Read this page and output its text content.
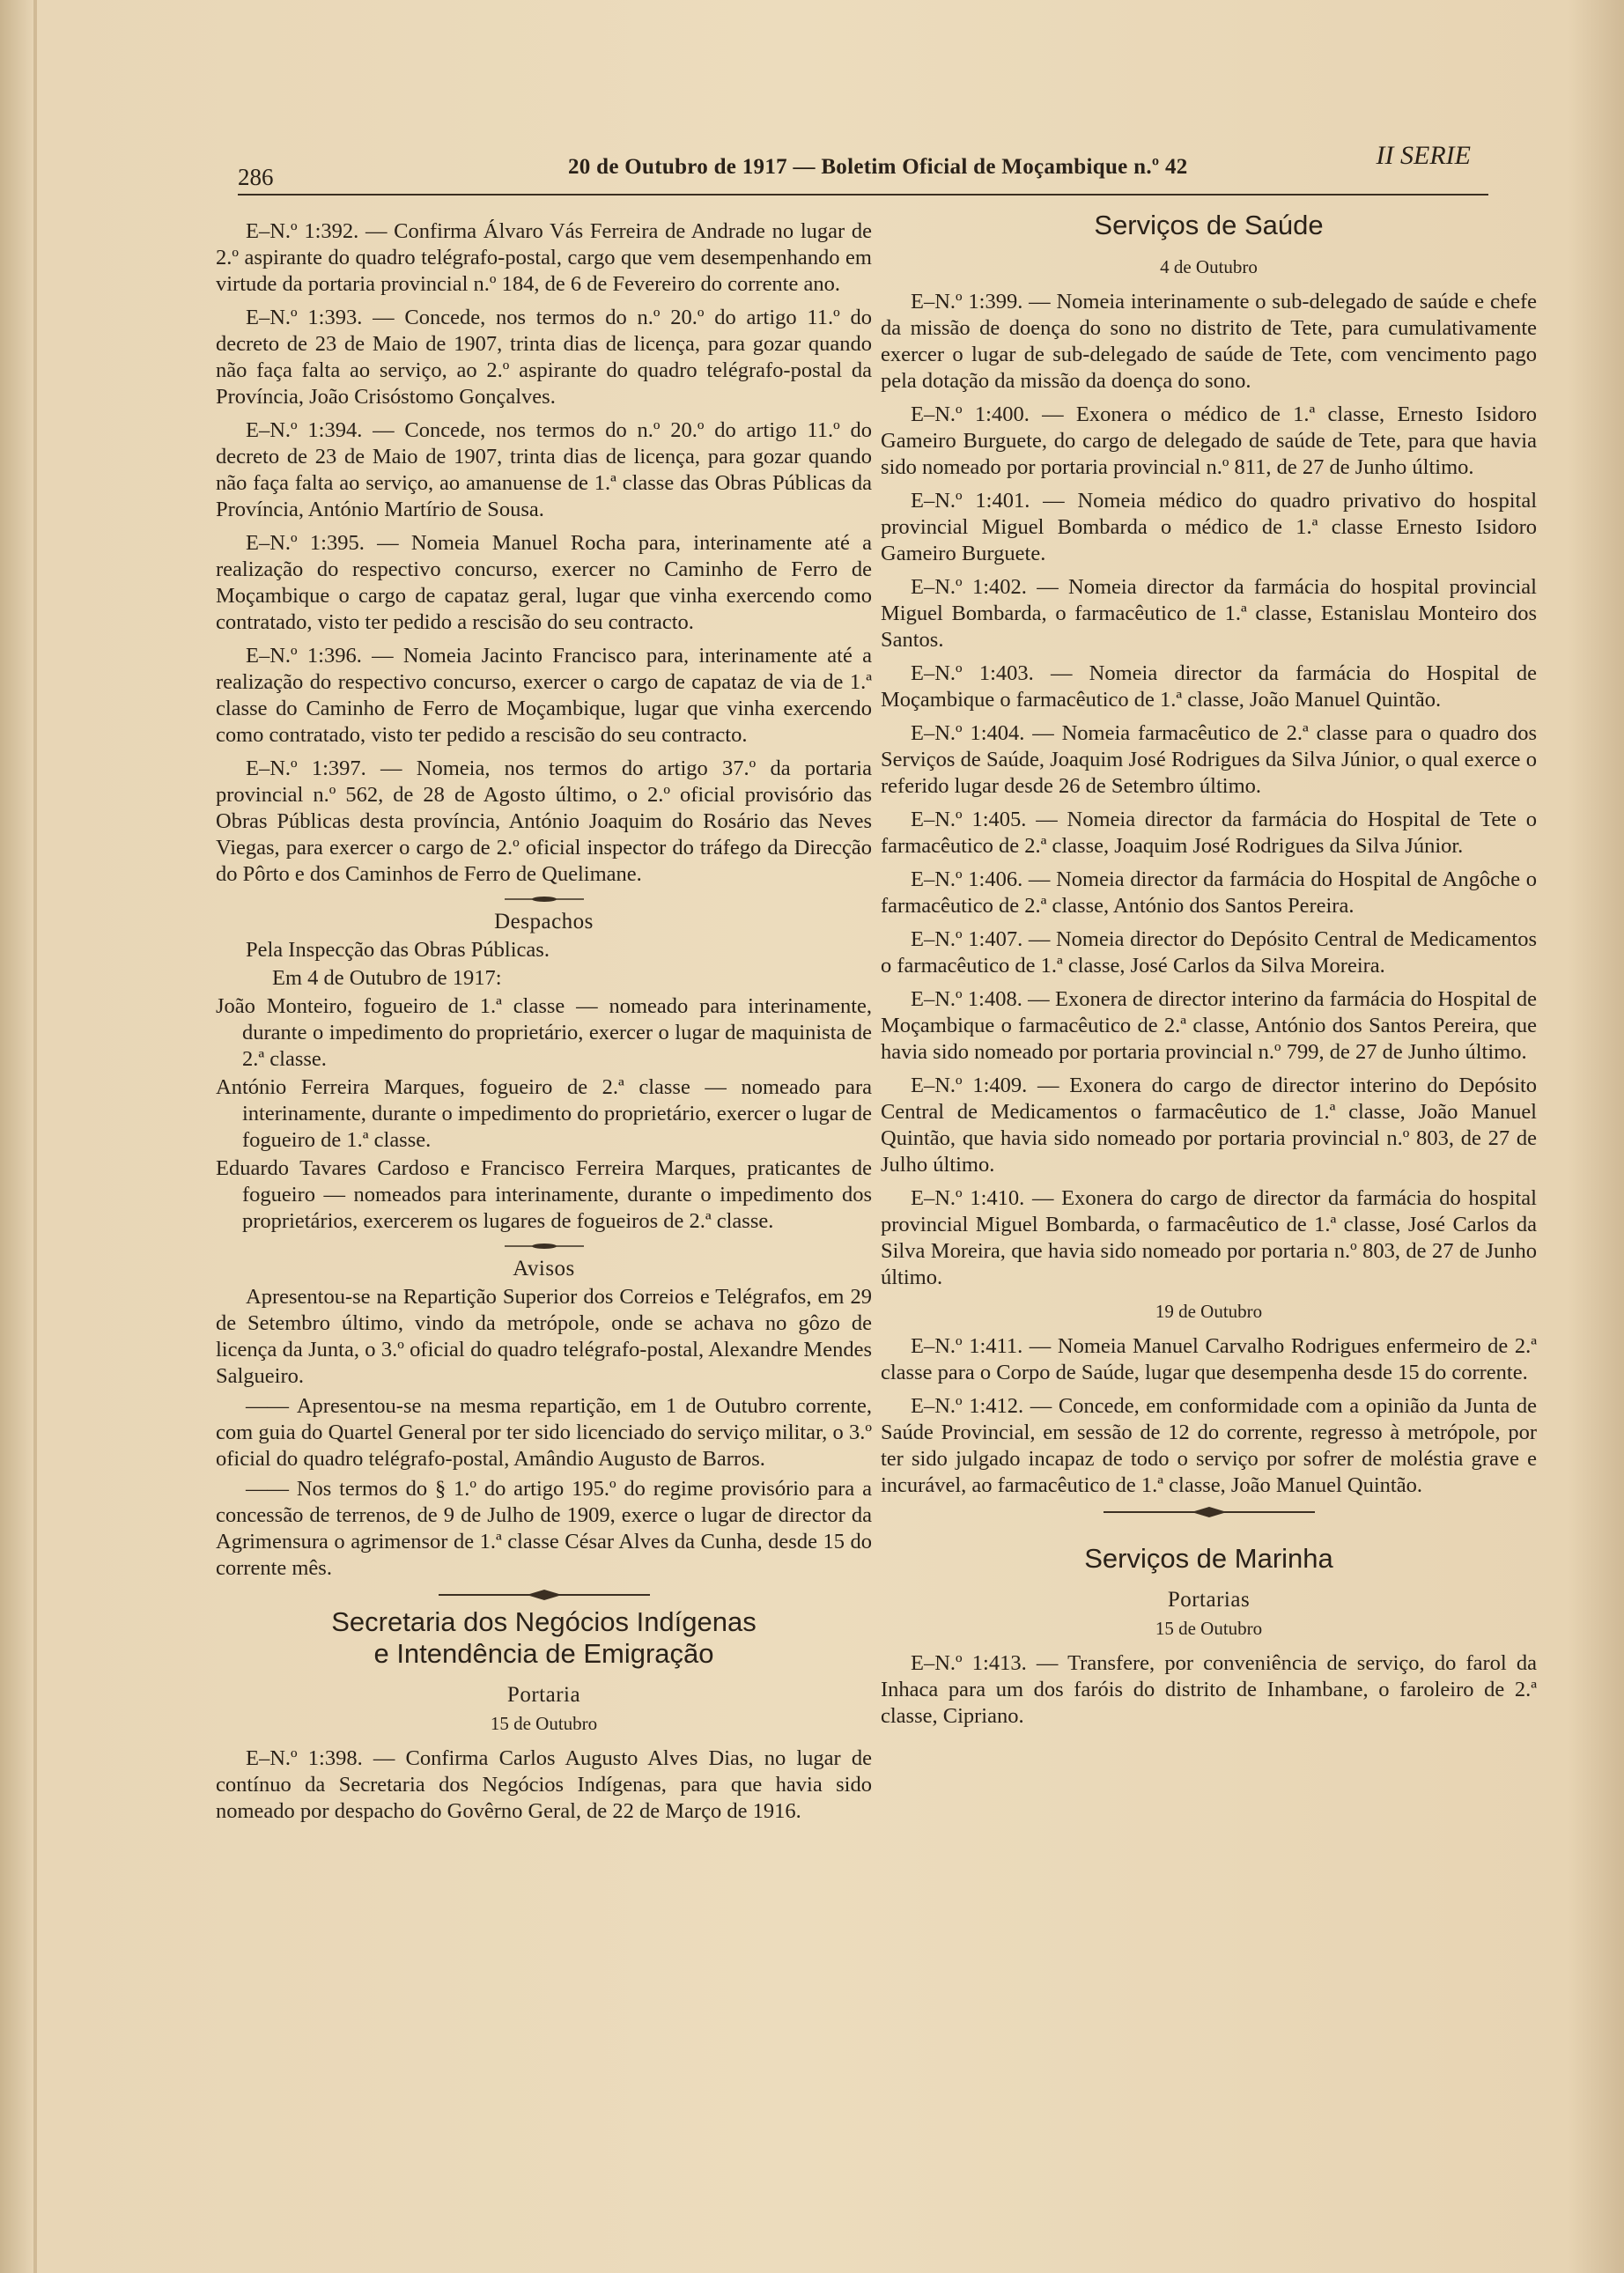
286	20 de Outubro de 1917 — Boletim Oficial de Moçambique n.º 42	II SERIE

E–N.º 1:392. — Confirma Álvaro Vás Ferreira de Andrade no lugar de 2.º aspirante do quadro telégrafo-postal, cargo que vem desempenhando em virtude da portaria provincial n.º 184, de 6 de Fevereiro do corrente ano.

E–N.º 1:393. — Concede, nos termos do n.º 20.º do artigo 11.º do decreto de 23 de Maio de 1907, trinta dias de licença, para gozar quando não faça falta ao serviço, ao 2.º aspirante do quadro telégrafo-postal da Província, João Crisóstomo Gonçalves.

E–N.º 1:394. — Concede, nos termos do n.º 20.º do artigo 11.º do decreto de 23 de Maio de 1907, trinta dias de licença, para gozar quando não faça falta ao serviço, ao amanuense de 1.ª classe das Obras Públicas da Província, António Martírio de Sousa.

E–N.º 1:395. — Nomeia Manuel Rocha para, interinamente até a realização do respectivo concurso, exercer no Caminho de Ferro de Moçambique o cargo de capataz geral, lugar que vinha exercendo como contratado, visto ter pedido a rescisão do seu contracto.

E–N.º 1:396. — Nomeia Jacinto Francisco para, interinamente até a realização do respectivo concurso, exercer o cargo de capataz de via de 1.ª classe do Caminho de Ferro de Moçambique, lugar que vinha exercendo como contratado, visto ter pedido a rescisão do seu contracto.

E–N.º 1:397. — Nomeia, nos termos do artigo 37.º da portaria provincial n.º 562, de 28 de Agosto último, o 2.º oficial provisório das Obras Públicas desta província, António Joaquim do Rosário das Neves Viegas, para exercer o cargo de 2.º oficial inspector do tráfego da Direcção do Pôrto e dos Caminhos de Ferro de Quelimane.

Despachos

Pela Inspecção das Obras Públicas.

Em 4 de Outubro de 1917:

João Monteiro, fogueiro de 1.ª classe — nomeado para interinamente, durante o impedimento do proprietário, exercer o lugar de maquinista de 2.ª classe.

António Ferreira Marques, fogueiro de 2.ª classe — nomeado para interinamente, durante o impedimento do proprietário, exercer o lugar de fogueiro de 1.ª classe.

Eduardo Tavares Cardoso e Francisco Ferreira Marques, praticantes de fogueiro — nomeados para interinamente, durante o impedimento dos proprietários, exercerem os lugares de fogueiros de 2.ª classe.

Avisos

Apresentou-se na Repartição Superior dos Correios e Telégrafos, em 29 de Setembro último, vindo da metrópole, onde se achava no gôzo de licença da Junta, o 3.º oficial do quadro telégrafo-postal, Alexandre Mendes Salgueiro.

—— Apresentou-se na mesma repartição, em 1 de Outubro corrente, com guia do Quartel General por ter sido licenciado do serviço militar, o 3.º oficial do quadro telégrafo-postal, Amândio Augusto de Barros.

—— Nos termos do § 1.º do artigo 195.º do regime provisório para a concessão de terrenos, de 9 de Julho de 1909, exerce o lugar de director da Agrimensura o agrimensor de 1.ª classe César Alves da Cunha, desde 15 do corrente mês.

Secretaria dos Negócios Indígenas
e Intendência de Emigração
Portaria
15 de Outubro

E–N.º 1:398. — Confirma Carlos Augusto Alves Dias, no lugar de contínuo da Secretaria dos Negócios Indígenas, para que havia sido nomeado por despacho do Govêrno Geral, de 22 de Março de 1916.

Serviços de Saúde
4 de Outubro

E–N.º 1:399. — Nomeia interinamente o sub-delegado de saúde e chefe da missão de doença do sono no distrito de Tete, para cumulativamente exercer o lugar de sub-delegado de saúde de Tete, com vencimento pago pela dotação da missão da doença do sono.

E–N.º 1:400. — Exonera o médico de 1.ª classe, Ernesto Isidoro Gameiro Burguete, do cargo de delegado de saúde de Tete, para que havia sido nomeado por portaria provincial n.º 811, de 27 de Junho último.

E–N.º 1:401. — Nomeia médico do quadro privativo do hospital provincial Miguel Bombarda o médico de 1.ª classe Ernesto Isidoro Gameiro Burguete.

E–N.º 1:402. — Nomeia director da farmácia do hospital provincial Miguel Bombarda, o farmacêutico de 1.ª classe, Estanislau Monteiro dos Santos.

E–N.º 1:403. — Nomeia director da farmácia do Hospital de Moçambique o farmacêutico de 1.ª classe, João Manuel Quintão.

E–N.º 1:404. — Nomeia farmacêutico de 2.ª classe para o quadro dos Serviços de Saúde, Joaquim José Rodrigues da Silva Júnior, o qual exerce o referido lugar desde 26 de Setembro último.

E–N.º 1:405. — Nomeia director da farmácia do Hospital de Tete o farmacêutico de 2.ª classe, Joaquim José Rodrigues da Silva Júnior.

E–N.º 1:406. — Nomeia director da farmácia do Hospital de Angôche o farmacêutico de 2.ª classe, António dos Santos Pereira.

E–N.º 1:407. — Nomeia director do Depósito Central de Medicamentos o farmacêutico de 1.ª classe, José Carlos da Silva Moreira.

E–N.º 1:408. — Exonera de director interino da farmácia do Hospital de Moçambique o farmacêutico de 2.ª classe, António dos Santos Pereira, que havia sido nomeado por portaria provincial n.º 799, de 27 de Junho último.

E–N.º 1:409. — Exonera do cargo de director interino do Depósito Central de Medicamentos o farmacêutico de 1.ª classe, João Manuel Quintão, que havia sido nomeado por portaria provincial n.º 803, de 27 de Julho último.

E–N.º 1:410. — Exonera do cargo de director da farmácia do hospital provincial Miguel Bombarda, o farmacêutico de 1.ª classe, José Carlos da Silva Moreira, que havia sido nomeado por portaria n.º 803, de 27 de Junho último.

19 de Outubro

E–N.º 1:411. — Nomeia Manuel Carvalho Rodrigues enfermeiro de 2.ª classe para o Corpo de Saúde, lugar que desempenha desde 15 do corrente.

E–N.º 1:412. — Concede, em conformidade com a opinião da Junta de Saúde Provincial, em sessão de 12 do corrente, regresso à metrópole, por ter sido julgado incapaz de todo o serviço por sofrer de moléstia grave e incurável, ao farmacêutico de 1.ª classe, João Manuel Quintão.

Serviços de Marinha
Portarias
15 de Outubro

E–N.º 1:413. — Transfere, por conveniência de serviço, do farol da Inhaca para um dos faróis do distrito de Inhambane, o faroleiro de 2.ª classe, Cipriano.
